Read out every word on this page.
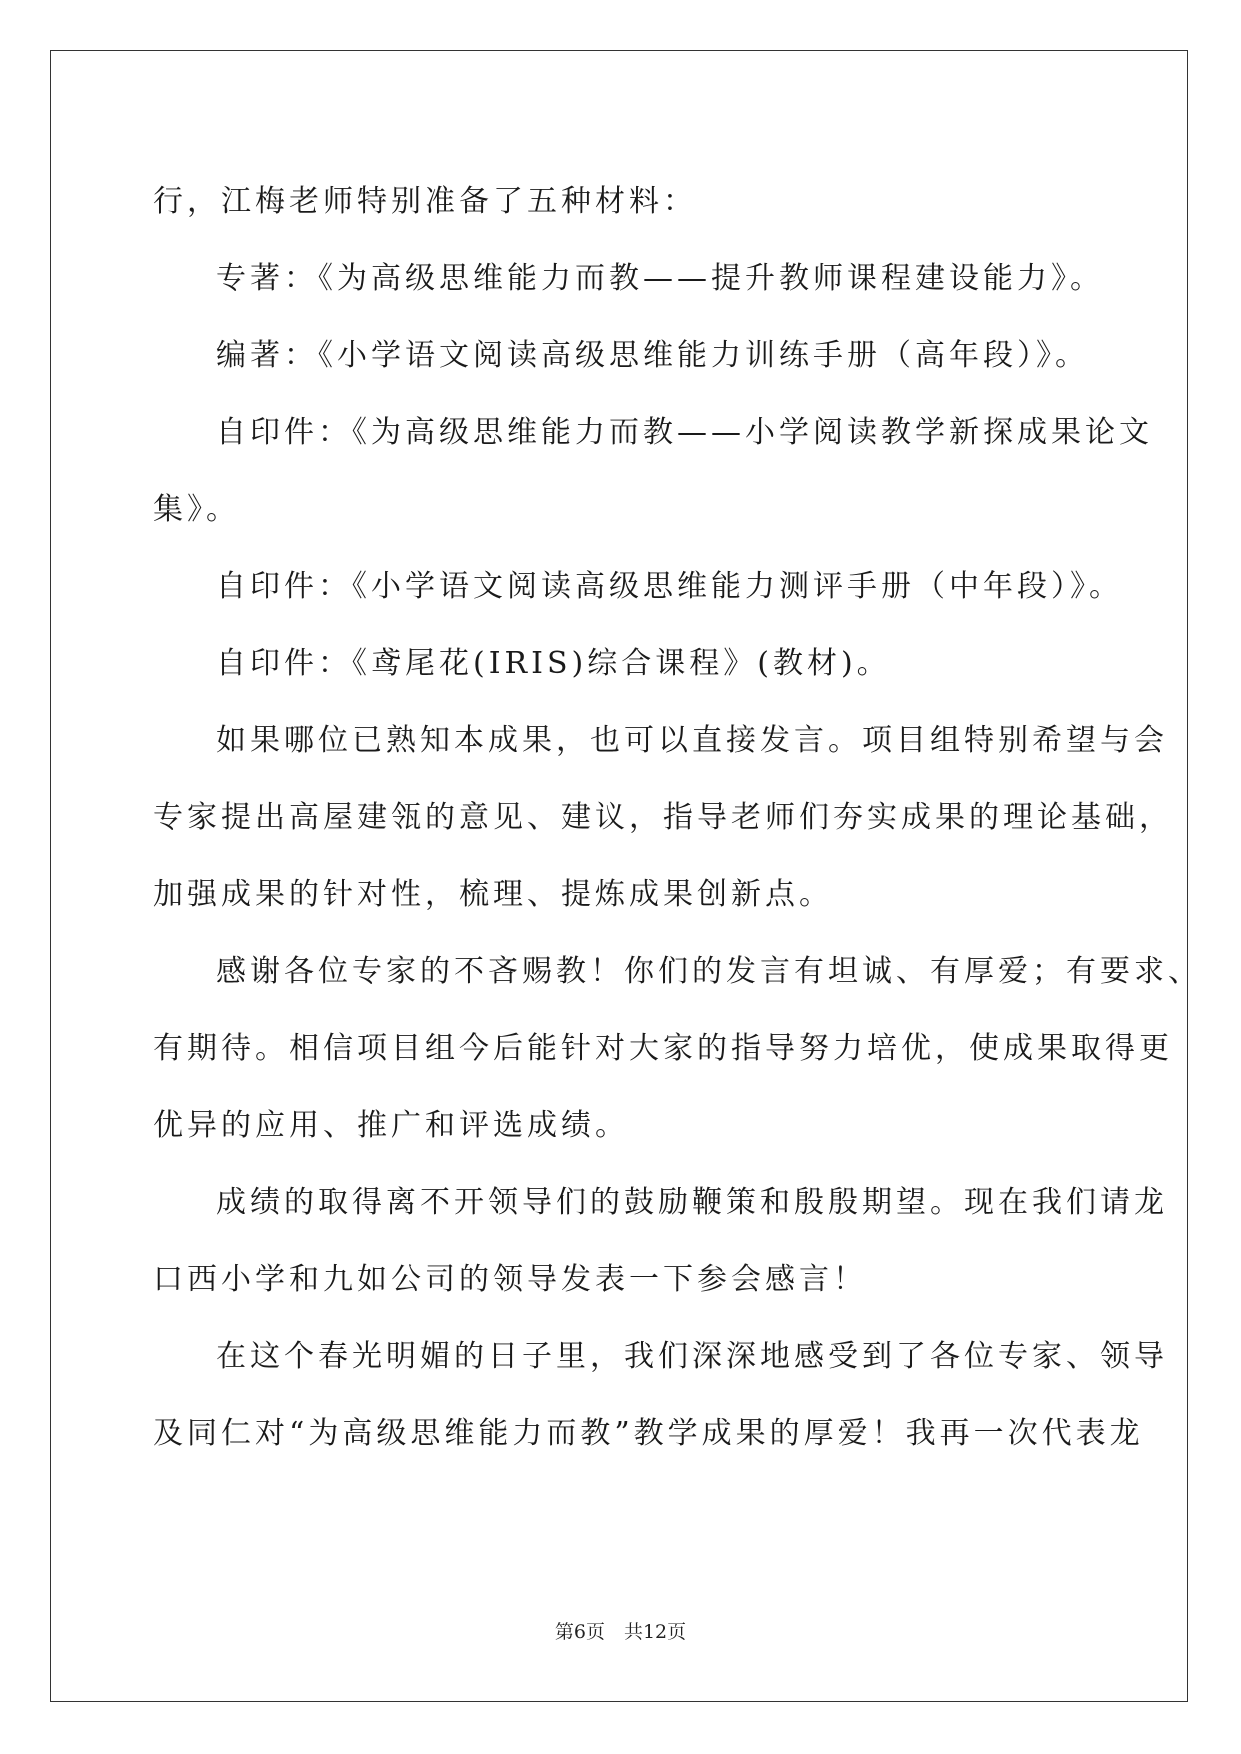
行，江梅老师特别准备了五种材料：
专著：《为高级思维能力而教——提升教师课程建设能力》。
编著：《小学语文阅读高级思维能力训练手册（高年段）》。
自印件：《为高级思维能力而教——小学阅读教学新探成果论文
集》。
自印件：《小学语文阅读高级思维能力测评手册（中年段）》。
自印件：《鸢尾花(IRIS)综合课程》(教材)。
如果哪位已熟知本成果，也可以直接发言。项目组特别希望与会
专家提出高屋建瓴的意见、建议，指导老师们夯实成果的理论基础，
加强成果的针对性，梳理、提炼成果创新点。
感谢各位专家的不吝赐教！你们的发言有坦诚、有厚爱；有要求、
有期待。相信项目组今后能针对大家的指导努力培优，使成果取得更
优异的应用、推广和评选成绩。
成绩的取得离不开领导们的鼓励鞭策和殷殷期望。现在我们请龙
口西小学和九如公司的领导发表一下参会感言！
在这个春光明媚的日子里，我们深深地感受到了各位专家、领导
及同仁对“为高级思维能力而教”教学成果的厚爱！我再一次代表龙
第6页　共12页
